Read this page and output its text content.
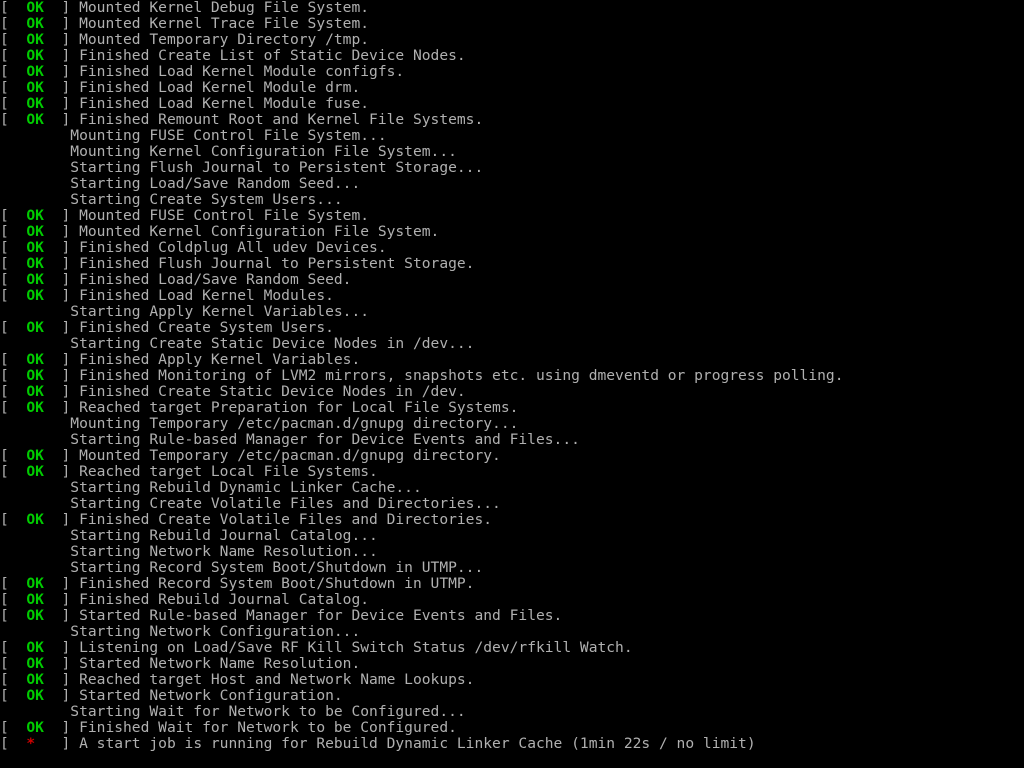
[  OK  ] Mounted Kernel Debug File System.
[  OK  ] Mounted Kernel Trace File System.
[  OK  ] Mounted Temporary Directory /tmp.
[  OK  ] Finished Create List of Static Device Nodes.
[  OK  ] Finished Load Kernel Module configfs.
[  OK  ] Finished Load Kernel Module drm.
[  OK  ] Finished Load Kernel Module fuse.
[  OK  ] Finished Remount Root and Kernel File Systems.
Mounting FUSE Control File System...
Mounting Kernel Configuration File System...
Starting Flush Journal to Persistent Storage...
Starting Load/Save Random Seed...
Starting Create System Users...
[  OK  ] Mounted FUSE Control File System.
[  OK  ] Mounted Kernel Configuration File System.
[  OK  ] Finished Coldplug All udev Devices.
[  OK  ] Finished Flush Journal to Persistent Storage.
[  OK  ] Finished Load/Save Random Seed.
[  OK  ] Finished Load Kernel Modules.
Starting Apply Kernel Variables...
[  OK  ] Finished Create System Users.
Starting Create Static Device Nodes in /dev...
[  OK  ] Finished Apply Kernel Variables.
[  OK  ] Finished Monitoring of LVM2 mirrors, snapshots etc. using dmeventd or progress polling.
[  OK  ] Finished Create Static Device Nodes in /dev.
[  OK  ] Reached target Preparation for Local File Systems.
Mounting Temporary /etc/pacman.d/gnupg directory...
Starting Rule-based Manager for Device Events and Files...
[  OK  ] Mounted Temporary /etc/pacman.d/gnupg directory.
[  OK  ] Reached target Local File Systems.
Starting Rebuild Dynamic Linker Cache...
Starting Create Volatile Files and Directories...
[  OK  ] Finished Create Volatile Files and Directories.
Starting Rebuild Journal Catalog...
Starting Network Name Resolution...
Starting Record System Boot/Shutdown in UTMP...
[  OK  ] Finished Record System Boot/Shutdown in UTMP.
[  OK  ] Finished Rebuild Journal Catalog.
[  OK  ] Started Rule-based Manager for Device Events and Files.
Starting Network Configuration...
[  OK  ] Listening on Load/Save RF Kill Switch Status /dev/rfkill Watch.
[  OK  ] Started Network Name Resolution.
[  OK  ] Reached target Host and Network Name Lookups.
[  OK  ] Started Network Configuration.
Starting Wait for Network to be Configured...
[  OK  ] Finished Wait for Network to be Configured.
[  *   ] A start job is running for Rebuild Dynamic Linker Cache (1min 22s / no limit)
